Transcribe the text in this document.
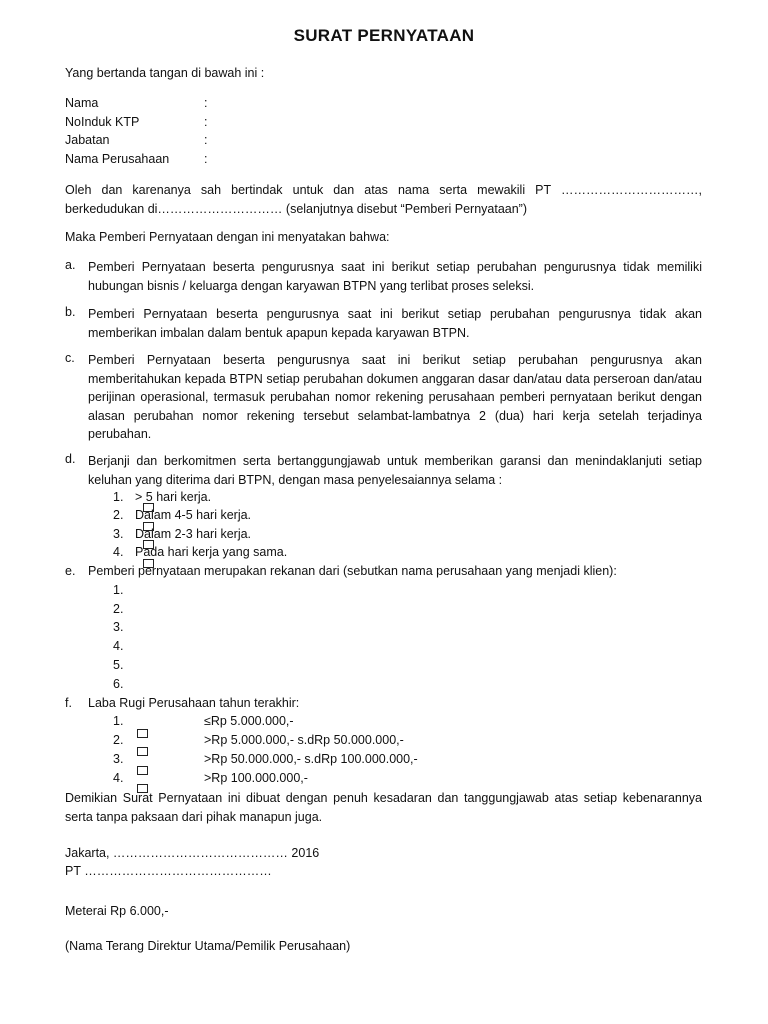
SURAT PERNYATAAN
Yang bertanda tangan di bawah ini :
Nama	:
NoInduk KTP	:
Jabatan	:
Nama Perusahaan	:
Oleh dan karenanya sah bertindak untuk dan atas nama serta mewakili PT ……………………………, berkedudukan di………………………… (selanjutnya disebut “Pemberi Pernyataan”)
Maka Pemberi Pernyataan dengan ini menyatakan bahwa:
a. Pemberi Pernyataan beserta pengurusnya saat ini berikut setiap perubahan pengurusnya tidak memiliki hubungan bisnis / keluarga dengan karyawan BTPN yang terlibat proses seleksi.
b. Pemberi Pernyataan beserta pengurusnya saat ini berikut setiap perubahan pengurusnya tidak akan memberikan imbalan dalam bentuk apapun kepada karyawan BTPN.
c. Pemberi Pernyataan beserta pengurusnya saat ini berikut setiap perubahan pengurusnya akan memberitahukan kepada BTPN setiap perubahan dokumen anggaran dasar dan/atau data perseroan dan/atau perijinan operasional, termasuk perubahan nomor rekening perusahaan pemberi pernyataan berikut dengan alasan perubahan nomor rekening tersebut selambat-lambatnya 2 (dua) hari kerja setelah terjadinya perubahan.
d. Berjanji dan berkomitmen serta bertanggungjawab untuk memberikan garansi dan menindaklanjuti setiap keluhan yang diterima dari BTPN, dengan masa penyelesaiannya selama :
1. > 5 hari kerja.
2. Dalam 4-5 hari kerja.
3. Dalam 2-3 hari kerja.
4. Pada hari kerja yang sama.
e. Pemberi pernyataan merupakan rekanan dari (sebutkan nama perusahaan yang menjadi klien):
1.
2.
3.
4.
5.
6.
f. Laba Rugi Perusahaan tahun terakhir:
1.	≤Rp 5.000.000,-
2.	>Rp 5.000.000,- s.dRp 50.000.000,-
3.	>Rp 50.000.000,- s.dRp 100.000.000,-
4.	>Rp 100.000.000,-
Demikian Surat Pernyataan ini dibuat dengan penuh kesadaran dan tanggungjawab atas setiap kebenarannya serta tanpa paksaan dari pihak manapun juga.
Jakarta, …………………………………… 2016
PT ………………………………………
Meterai Rp 6.000,-
(Nama Terang Direktur Utama/Pemilik Perusahaan)
